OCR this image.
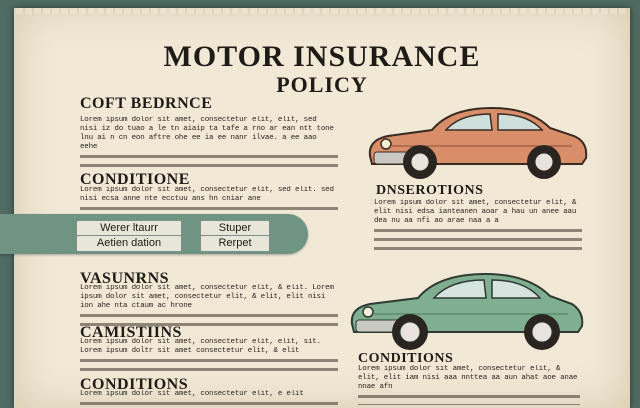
MOTOR INSURANCE
POLICY
COFT BEDRNCE
Lorem ipsum dolor sit amet, consectetur elit, elit, sed nisi iz do tuao a le tn aiaip ta tafe a rno ar ean ntt tone lnu ai n cn eon aftre ohe ee ia ee nanr ilvae. a ee aao eehe
CONDITIONE
Lorem ipsum dolor sit amet, consectetur elit, sed elit. sed nisi ecsa anne nte ecctuu ans hn cniar ane
VASUNRNS
Lorem ipsum dolor sit amet, consectetur elit, & elit. Lorem ipsum dolor sit amet, consectetur elit, & elit, elit nisi ion ahe nta ctaum ac hrone
CAMISTIINS
Lorem ipsum dolor sit amet, consectetur elit, elit, sit. Lorem ipsum doltr sit amet consectetur elit, & elit
CONDITIONS
Lorem ipsum dolor sit amet, consectetur elit, e elit
DNSEROTIONS
Lorem ipsum dolor sit amet, consectetur elit, & elit nisi edsa ianteanen aoar a hau un anee aau dea nu aa nfi ao arae naa a a
CONDITIONS
Lorem ipsum dolor sit amet, consectetur elit, & elit, elit iam nisi aaa nnttea aa aun ahat aoe anae nnae afn
Werer ltaurr
Aetien dation
Stuper
Rerpet
